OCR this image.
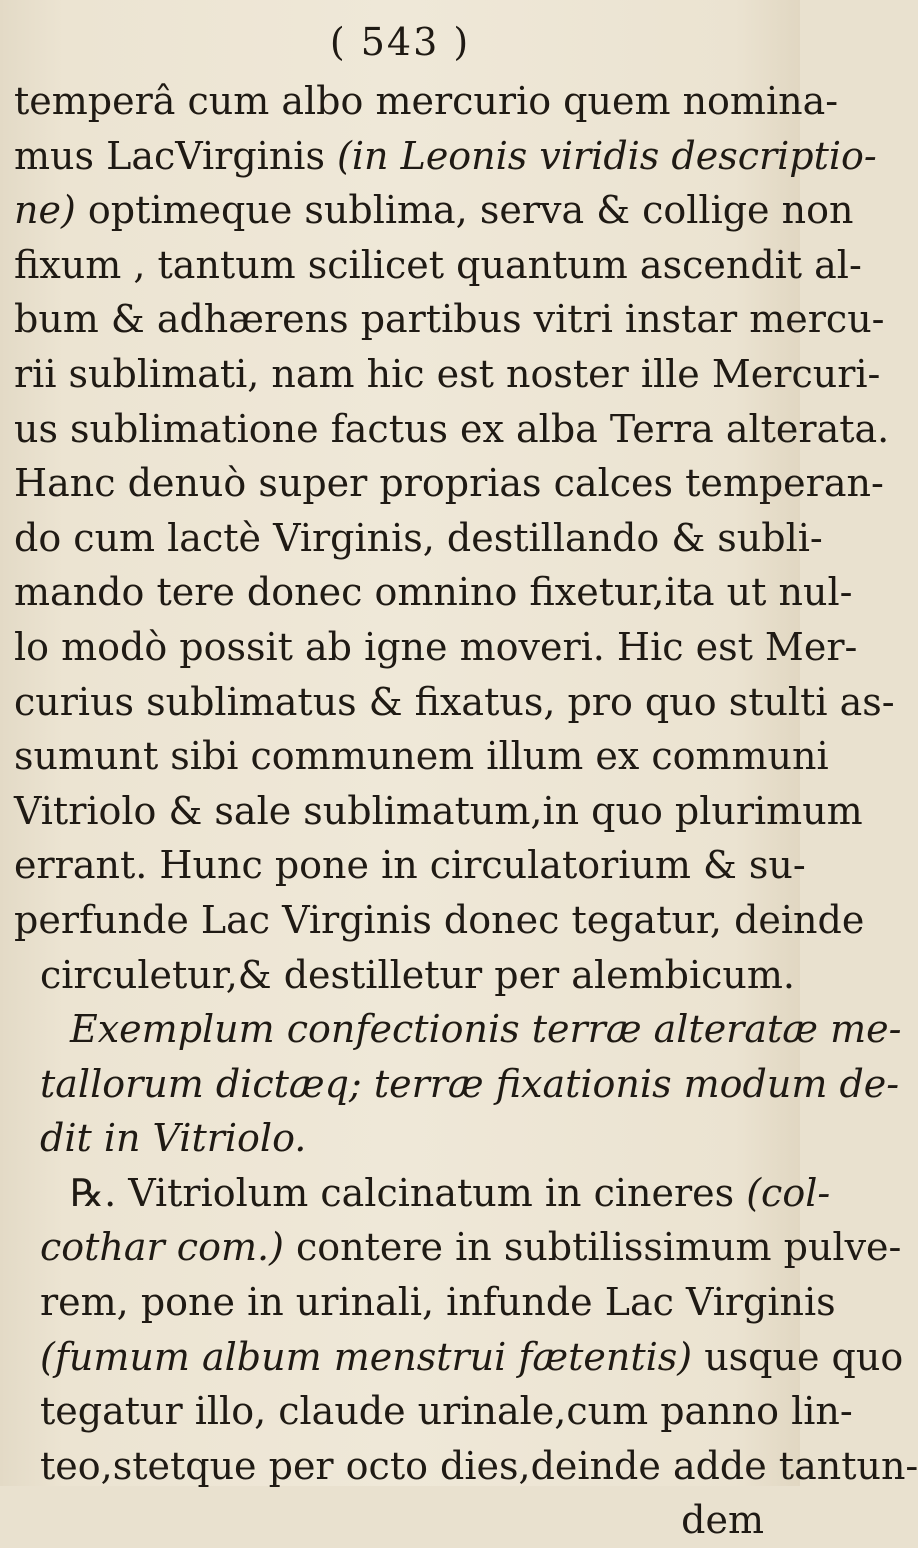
( 543 )
temperâ cum albo mercurio quem nomina-
mus LacVirginis (in Leonis viridis descriptio-
ne) optimeque sublima, serva & collige non
fixum , tantum scilicet quantum ascendit al-
bum & adhærens partibus vitri instar mercu-
rii sublimati, nam hic est noster ille Mercuri-
us sublimatione factus ex alba Terra alterata.
Hanc denuò super proprias calces temperan-
do cum lactè Virginis, destillando & subli-
mando tere donec omnino fixetur,ita ut nul-
lo modò possit ab igne moveri. Hic est Mer-
curius sublimatus & fixatus, pro quo stulti as-
sumunt sibi communem illum ex communi
Vitriolo & sale sublimatum,in quo plurimum
errant. Hunc pone in circulatorium & su-
perfunde Lac Virginis donec tegatur, deinde
circuletur,& destilletur per alembicum.
Exemplum confectionis terræ alteratæ me-
tallorum dictæq; terræ fixationis modum de-
dit in Vitriolo.
℞. Vitriolum calcinatum in cineres (col-
cothar com.) contere in subtilissimum pulve-
rem, pone in urinali, infunde Lac Virginis
(fumum album menstrui fætentis) usque quo
tegatur illo, claude urinale,cum panno lin-
teo,stetque per octo dies,deinde adde tantun-
dem
